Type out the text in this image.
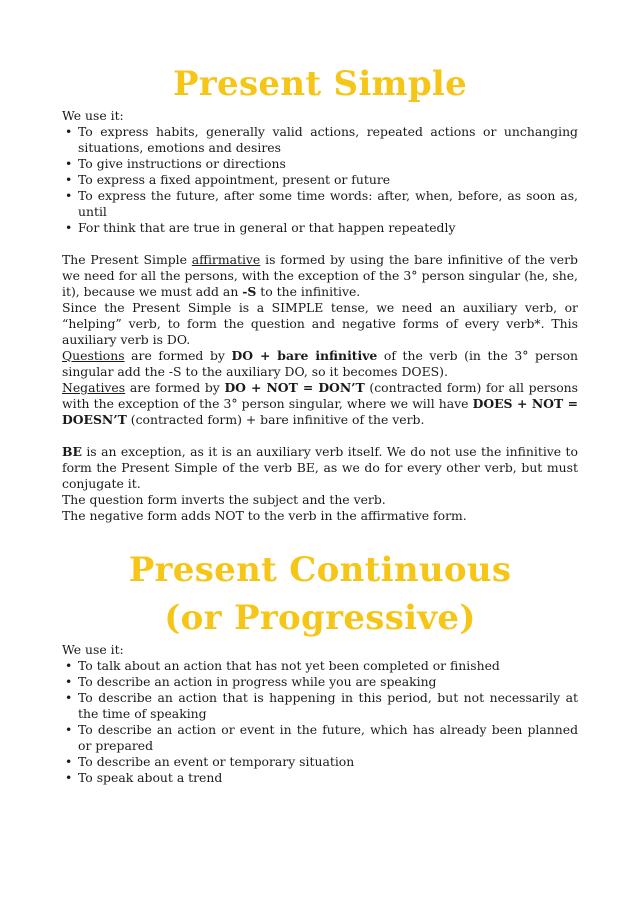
Present Simple

We use it:

• To express habits, generally valid actions, repeated actions or unchanging situations, emotions and desires
• To give instructions or directions
• To express a fixed appointment, present or future
• To express the future, after some time words: after, when, before, as soon as, until
• For think that are true in general or that happen repeatedly

The Present Simple affirmative is formed by using the bare infinitive of the verb we need for all the persons, with the exception of the 3° person singular (he, she, it), because we must add an -S to the infinitive.

Since the Present Simple is a SIMPLE tense, we need an auxiliary verb, or “helping” verb, to form the question and negative forms of every verb*. This auxiliary verb is DO.

Questions are formed by DO + bare infinitive of the verb (in the 3° person singular add the -S to the auxiliary DO, so it becomes DOES).

Negatives are formed by DO + NOT = DON’T (contracted form) for all persons with the exception of the 3° person singular, where we will have DOES + NOT = DOESN’T (contracted form) + bare infinitive of the verb.

BE is an exception, as it is an auxiliary verb itself. We do not use the infinitive to form the Present Simple of the verb BE, as we do for every other verb, but must conjugate it.

The question form inverts the subject and the verb.

The negative form adds NOT to the verb in the affirmative form.

Present Continuous
(or Progressive)

We use it:

• To talk about an action that has not yet been completed or finished
• To describe an action in progress while you are speaking
• To describe an action that is happening in this period, but not necessarily at the time of speaking
• To describe an action or event in the future, which has already been planned or prepared
• To describe an event or temporary situation
• To speak about a trend
